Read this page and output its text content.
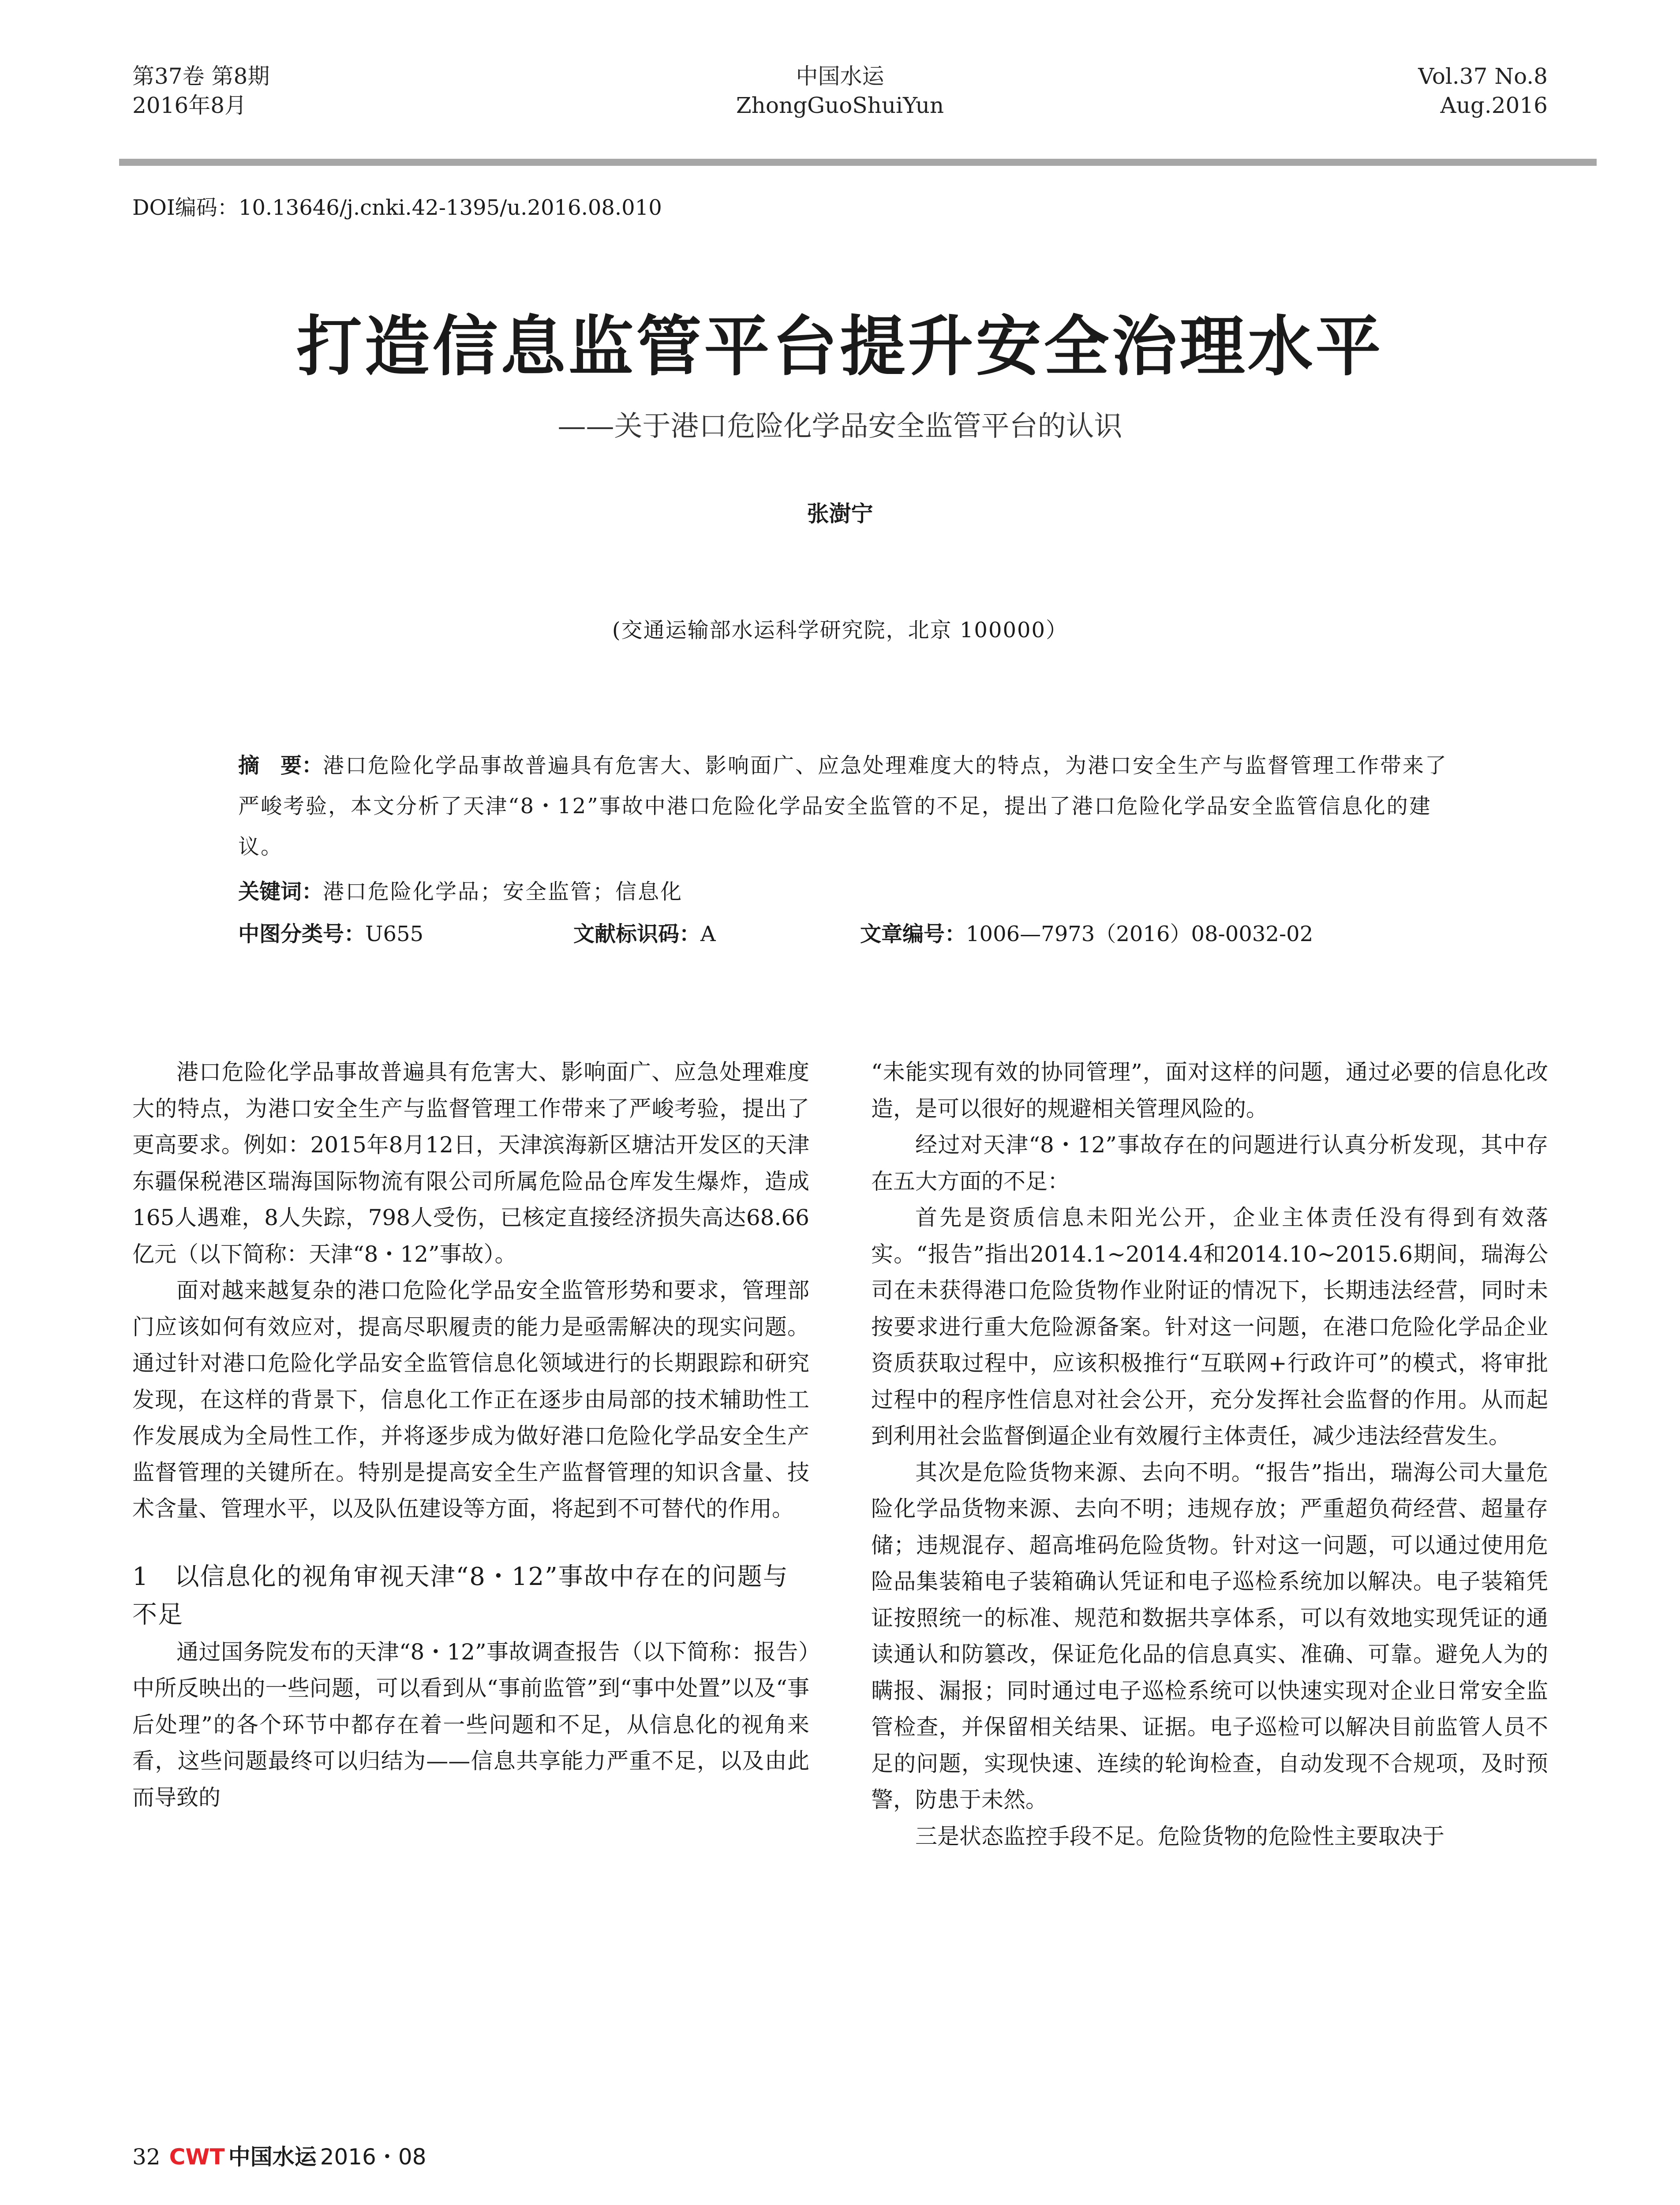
第37卷 第8期
2016年8月
中国水运
ZhongGuoShuiYun
Vol.37 No.8
Aug.2016
DOI编码：10.13646/j.cnki.42-1395/u.2016.08.010
打造信息监管平台提升安全治理水平
——关于港口危险化学品安全监管平台的认识
张澍宁
(交通运输部水运科学研究院，北京 100000）
摘　要：港口危险化学品事故普遍具有危害大、影响面广、应急处理难度大的特点，为港口安全生产与监督管理工作带来了严峻考验，本文分析了天津“8・12”事故中港口危险化学品安全监管的不足，提出了港口危险化学品安全监管信息化的建议。
关键词：港口危险化学品；安全监管；信息化
中图分类号：U655	文献标识码：A	文章编号：1006—7973（2016）08-0032-02

港口危险化学品事故普遍具有危害大、影响面广、应急处理难度大的特点，为港口安全生产与监督管理工作带来了严峻考验，提出了更高要求。例如：2015年8月12日，天津滨海新区塘沽开发区的天津东疆保税港区瑞海国际物流有限公司所属危险品仓库发生爆炸，造成165人遇难，8人失踪，798人受伤，已核定直接经济损失高达68.66亿元（以下简称：天津“8・12”事故）。

面对越来越复杂的港口危险化学品安全监管形势和要求，管理部门应该如何有效应对，提高尽职履责的能力是亟需解决的现实问题。通过针对港口危险化学品安全监管信息化领域进行的长期跟踪和研究发现，在这样的背景下，信息化工作正在逐步由局部的技术辅助性工作发展成为全局性工作，并将逐步成为做好港口危险化学品安全生产监督管理的关键所在。特别是提高安全生产监督管理的知识含量、技术含量、管理水平，以及队伍建设等方面，将起到不可替代的作用。

1　以信息化的视角审视天津“8・12”事故中存在的问题与不足

通过国务院发布的天津“8・12”事故调查报告（以下简称：报告）中所反映出的一些问题，可以看到从“事前监管”到“事中处置”以及“事后处理”的各个环节中都存在着一些问题和不足，从信息化的视角来看，这些问题最终可以归结为——信息共享能力严重不足，以及由此而导致的

“未能实现有效的协同管理”，面对这样的问题，通过必要的信息化改造，是可以很好的规避相关管理风险的。

经过对天津“8・12”事故存在的问题进行认真分析发现，其中存在五大方面的不足：

首先是资质信息未阳光公开，企业主体责任没有得到有效落实。“报告”指出2014.1~2014.4和2014.10~2015.6期间，瑞海公司在未获得港口危险货物作业附证的情况下，长期违法经营，同时未按要求进行重大危险源备案。针对这一问题，在港口危险化学品企业资质获取过程中，应该积极推行“互联网+行政许可”的模式，将审批过程中的程序性信息对社会公开，充分发挥社会监督的作用。从而起到利用社会监督倒逼企业有效履行主体责任，减少违法经营发生。

其次是危险货物来源、去向不明。“报告”指出，瑞海公司大量危险化学品货物来源、去向不明；违规存放；严重超负荷经营、超量存储；违规混存、超高堆码危险货物。针对这一问题，可以通过使用危险品集装箱电子装箱确认凭证和电子巡检系统加以解决。电子装箱凭证按照统一的标准、规范和数据共享体系，可以有效地实现凭证的通读通认和防篡改，保证危化品的信息真实、准确、可靠。避免人为的瞒报、漏报；同时通过电子巡检系统可以快速实现对企业日常安全监管检查，并保留相关结果、证据。电子巡检可以解决目前监管人员不足的问题，实现快速、连续的轮询检查，自动发现不合规项，及时预警，防患于未然。

三是状态监控手段不足。危险货物的危险性主要取决于

32 CWT 中国水运 2016・08
